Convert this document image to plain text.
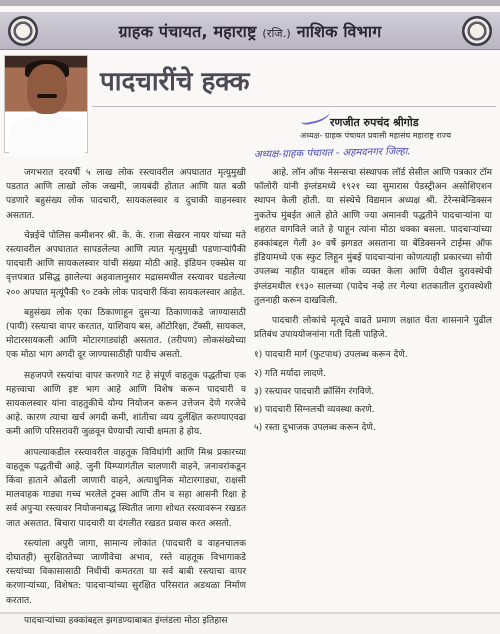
ग्राहक पंचायत, महाराष्ट्र (रजि.) नाशिक विभाग
पादचारींचे हक्क
रणजीत रुपचंद श्रीगोड
अध्यक्ष- ग्राहक पंचायत प्रवासी महासंघ महाराष्ट्र राज्य
अध्यक्ष-ग्राहक पंचायत - अहमदनगर जिल्हा.

जगभरात दरवर्षी ५ लाख लोक रस्त्यावरील अपघातात मृत्युमुखी पडतात आणि लाखो लोक जखमी, जायबंदी होतात आणि यात बळी पडणारे बहुसंख्य लोक पादचारी, सायकलस्वार व दुचाकी वाहनस्वार असतात.

चेन्नईचे पोलिस कमीशनर श्री. के. के. राजा सेखरन नायर यांच्या मते रस्त्यावरील अपघातात सापडलेल्या आणि त्यात मृत्युमुखी पडणाऱ्यांपैकी पादचारी आणि सायकलस्वार यांची संख्या मोठी आहे. इंडियन एक्स्प्रेस या वृत्तपत्रात प्रसिद्ध झालेल्या अहवालानुसार मद्रासमधील रस्त्यावर घडलेल्या २०० अपघात मृत्यूंपैकी ९० टक्के लोक पादचारी किंवा सायकलस्वार आहेत.

बहुसंख्य लोक एका ठिकाणाहून दुसऱ्या ठिकाणाकडे जाण्यासाठी (पायी) रस्त्याचा वापर करतात, याशिवाय बस, ऑटोरिक्षा, टॅक्सी, सायकल, मोटारसायकली आणि मोटारगाड्यांही असतात. (तरीपण) लोकसंख्येच्या एक मोठा भाग अगदी दूर जाण्यासाठीही पायीच असतो.

सहजपणे रस्त्यांचा वापर करणारे गट हे संपूर्ण वाहतूक पद्धतीचा एक महत्त्वाचा आणि इष्ट भाग आहे आणि विशेष करून पादचारी व सायकलस्वार यांना वाहतुकीचे योग्य नियोजन करून उत्तेजन देणे गरजेचे आहे. कारण त्याचा खर्च अगदी कमी, शांतीचा व्यय दुर्लक्षित करण्याएवढा कमी आणि परिसरावरी जुळवून घेण्याची त्याची क्षमता हे होय.

आपल्याकडील रस्त्यावरील वाहतूक विविधांगी आणि मिश्र प्रकारच्या वाहतूक पद्धतीची आहे. जुनी यिम्प्यागंतील चालणारी वाहने, जनावरांकडून किंवा हाताने ओढली जाणारी वाहने, अत्याधुनिक मोटारगाड्या, राक्षसी मालवाहक गाड्या गच्च भरलेले ट्रक्स आणि तीन व सहा आसनी रिक्षा हे सर्व अपुऱ्या रस्त्यावर नियोजनाबद्ध स्थितीत जागा शोधत रस्त्यावरून रखडत जात असतात. बिचारा पादचारी या दंगलीत रखडत प्रवास करत असतो.

रस्त्यांला अपुरी जागा, सामान्य लोकांत (पादचारी व वाहनचालक दोघातही) सुरक्षिततेच्या जाणीवेचा अभाव, रस्ते वाहतूक विभागाकडे रस्त्यांच्या विकासासाठी निधीची कमतरता या सर्व बाबी रस्त्याचा वापर करणाऱ्यांच्या, विशेषत: पादचाऱ्यांच्या सुरक्षित परिसरात अडथळा निर्माण करतात.

पादचाऱ्यांच्या हक्कांबद्दल झगडण्याबाबत इंग्लंडला मोठा इतिहास

आहे. लॉन ऑफ नेसन्सचा संस्थापक लॉर्ड सेसील आणि पत्रकार टॉम फॉलोरी यांनी इंग्लंडमध्ये १९२१ च्या सुमारास पेडस्ट्रीअन असोशिएशन स्थापन केली होती. या संस्थेचे विद्यमान अध्यक्ष श्री. टेरेन्सबेन्डिक्सन नुकतेच मुंबईत आले होते आणि ज्या अमानवी पद्धतीने पादचाऱ्यांना या शहरात वागविले जाते हे पाहून त्यांना मोठा धक्का बसला. पादचाऱ्यांच्या हक्कांबद्दल गेली ३० वर्षे झगडत असताना या बेंडिक्सनने टाईम्स ऑफ इंडियामध्ये एक स्फुट लिहून मुंबई पादचाऱ्यांना कोणत्याही प्रकारच्या सोयी उपलब्ध नाहीत याबद्दल शोक व्यक्त केला आणि येथील दुरावस्थेची इंग्लंडमधील १९३० सालच्या (पादेच नव्हे तर गेल्या शतकातील दुरावस्थेशी तुलनाही करून दाखविली.

पादचारी लोकांचे मृत्यूचे वाढते प्रमाण लक्षात घेता शासनाने पुढील प्रतिबंध उपाययोजनांना गती दिली पाहिजे.

१) पादचारी मार्ग (फुटपाथ) उपलब्ध करून देणे.
२) गति मर्यादा लादणे.
३) रस्त्यावर पादचारी क्रॉसिंग रंगविणे.
४) पादचारी सिग्नलची व्यवस्था करणे.
५) रस्ता दुभाजक उपलब्ध करून देणे.
